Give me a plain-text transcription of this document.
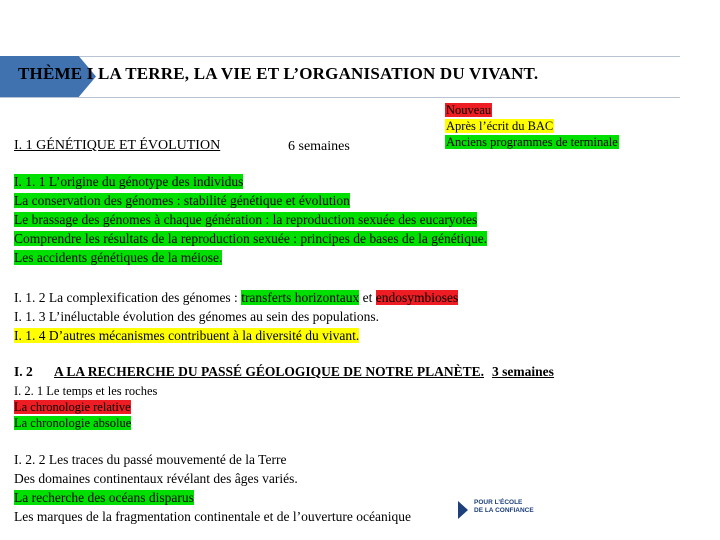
THÈME I LA TERRE, LA VIE ET L’ORGANISATION DU VIVANT.
Nouveau
Après l’écrit du BAC
Anciens programmes de terminale
I. 1 GÉNÉTIQUE ET ÉVOLUTION	6 semaines
I. 1. 1 L’origine du génotype des individus
La conservation des génomes : stabilité génétique et évolution
Le brassage des génomes à chaque génération : la reproduction sexuée des eucaryotes
Comprendre les résultats de la reproduction sexuée : principes de bases de la génétique.
Les accidents génétiques de la méiose.
I. 1. 2 La complexification des génomes : transferts horizontaux et endosymbioses
I. 1. 3 L’inéluctable évolution des génomes au sein des populations.
I. 1. 4 D’autres mécanismes contribuent à la diversité du vivant.
I. 2 A LA RECHERCHE DU PASSÉ GÉOLOGIQUE DE NOTRE PLANÈTE. 3 semaines
I. 2. 1 Le temps et les roches
La chronologie relative
La chronologie absolue
I. 2. 2 Les traces du passé mouvementé de la Terre
Des domaines continentaux révélant des âges variés.
La recherche des océans disparus
Les marques de la fragmentation continentale et de l’ouverture océanique
POUR L’ÉCOLE
DE LA CONFIANCE
